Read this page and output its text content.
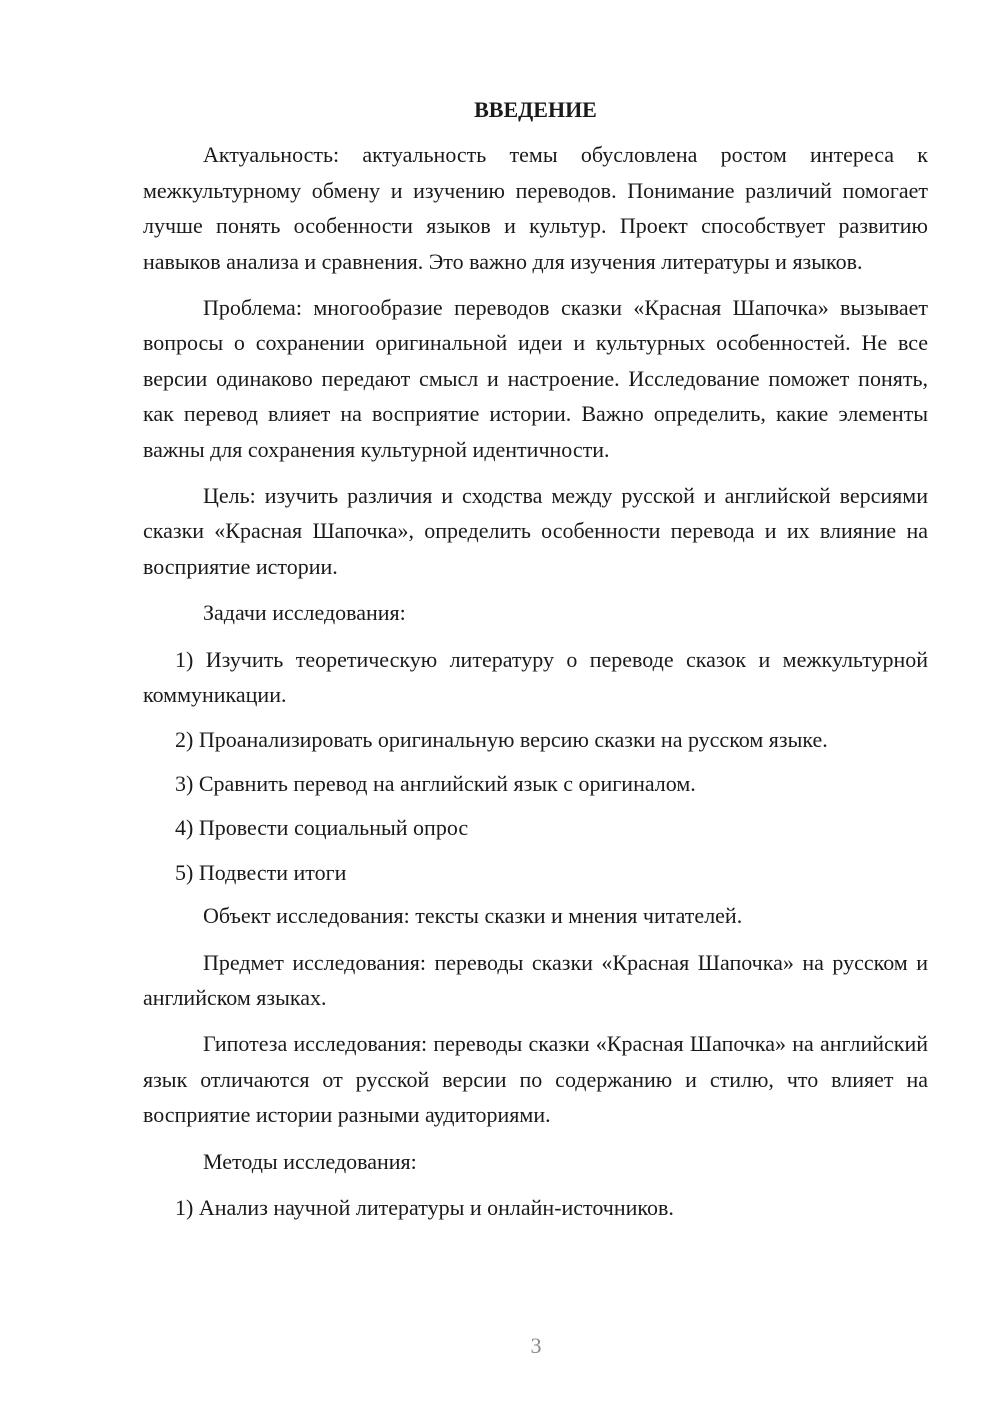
ВВЕДЕНИЕ

Актуальность: актуальность темы обусловлена ростом интереса к межкультурному обмену и изучению переводов. Понимание различий помогает лучше понять особенности языков и культур. Проект способствует развитию навыков анализа и сравнения. Это важно для изучения литературы и языков.

Проблема: многообразие переводов сказки «Красная Шапочка» вызывает вопросы о сохранении оригинальной идеи и культурных особенностей. Не все версии одинаково передают смысл и настроение. Исследование поможет понять, как перевод влияет на восприятие истории. Важно определить, какие элементы важны для сохранения культурной идентичности.

Цель: изучить различия и сходства между русской и английской версиями сказки «Красная Шапочка», определить особенности перевода и их влияние на восприятие истории.

Задачи исследования:

1) Изучить теоретическую литературу о переводе сказок и межкультурной коммуникации.

2) Проанализировать оригинальную версию сказки на русском языке.

3) Сравнить перевод на английский язык с оригиналом.

4) Провести социальный опрос

5) Подвести итоги

Объект исследования: тексты сказки и мнения читателей.

Предмет исследования: переводы сказки «Красная Шапочка» на русском и английском языках.

Гипотеза исследования: переводы сказки «Красная Шапочка» на английский язык отличаются от русской версии по содержанию и стилю, что влияет на восприятие истории разными аудиториями.

Методы исследования:

1) Анализ научной литературы и онлайн-источников.

3
